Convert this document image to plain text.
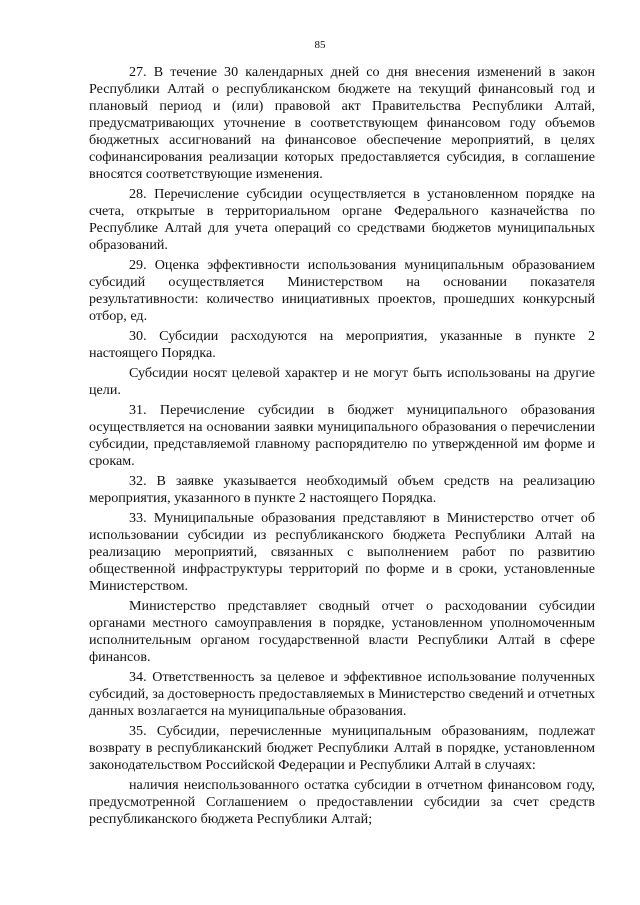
85

27. В течение 30 календарных дней со дня внесения изменений в закон Республики Алтай о республиканском бюджете на текущий финансовый год и плановый период и (или) правовой акт Правительства Республики Алтай, предусматривающих уточнение в соответствующем финансовом году объемов бюджетных ассигнований на финансовое обеспечение мероприятий, в целях софинансирования реализации которых предоставляется субсидия, в соглашение вносятся соответствующие изменения.

28. Перечисление субсидии осуществляется в установленном порядке на счета, открытые в территориальном органе Федерального казначейства по Республике Алтай для учета операций со средствами бюджетов муниципальных образований.

29. Оценка эффективности использования муниципальным образованием субсидий осуществляется Министерством на основании показателя результативности: количество инициативных проектов, прошедших конкурсный отбор, ед.

30. Субсидии расходуются на мероприятия, указанные в пункте 2 настоящего Порядка.

Субсидии носят целевой характер и не могут быть использованы на другие цели.

31. Перечисление субсидии в бюджет муниципального образования осуществляется на основании заявки муниципального образования о перечислении субсидии, представляемой главному распорядителю по утвержденной им форме и срокам.

32. В заявке указывается необходимый объем средств на реализацию мероприятия, указанного в пункте 2 настоящего Порядка.

33. Муниципальные образования представляют в Министерство отчет об использовании субсидии из республиканского бюджета Республики Алтай на реализацию мероприятий, связанных с выполнением работ по развитию общественной инфраструктуры территорий по форме и в сроки, установленные Министерством.

Министерство представляет сводный отчет о расходовании субсидии органами местного самоуправления в порядке, установленном уполномоченным исполнительным органом государственной власти Республики Алтай в сфере финансов.

34. Ответственность за целевое и эффективное использование полученных субсидий, за достоверность предоставляемых в Министерство сведений и отчетных данных возлагается на муниципальные образования.

35. Субсидии, перечисленные муниципальным образованиям, подлежат возврату в республиканский бюджет Республики Алтай в порядке, установленном законодательством Российской Федерации и Республики Алтай в случаях:

наличия неиспользованного остатка субсидии в отчетном финансовом году, предусмотренной Соглашением о предоставлении субсидии за счет средств республиканского бюджета Республики Алтай;
